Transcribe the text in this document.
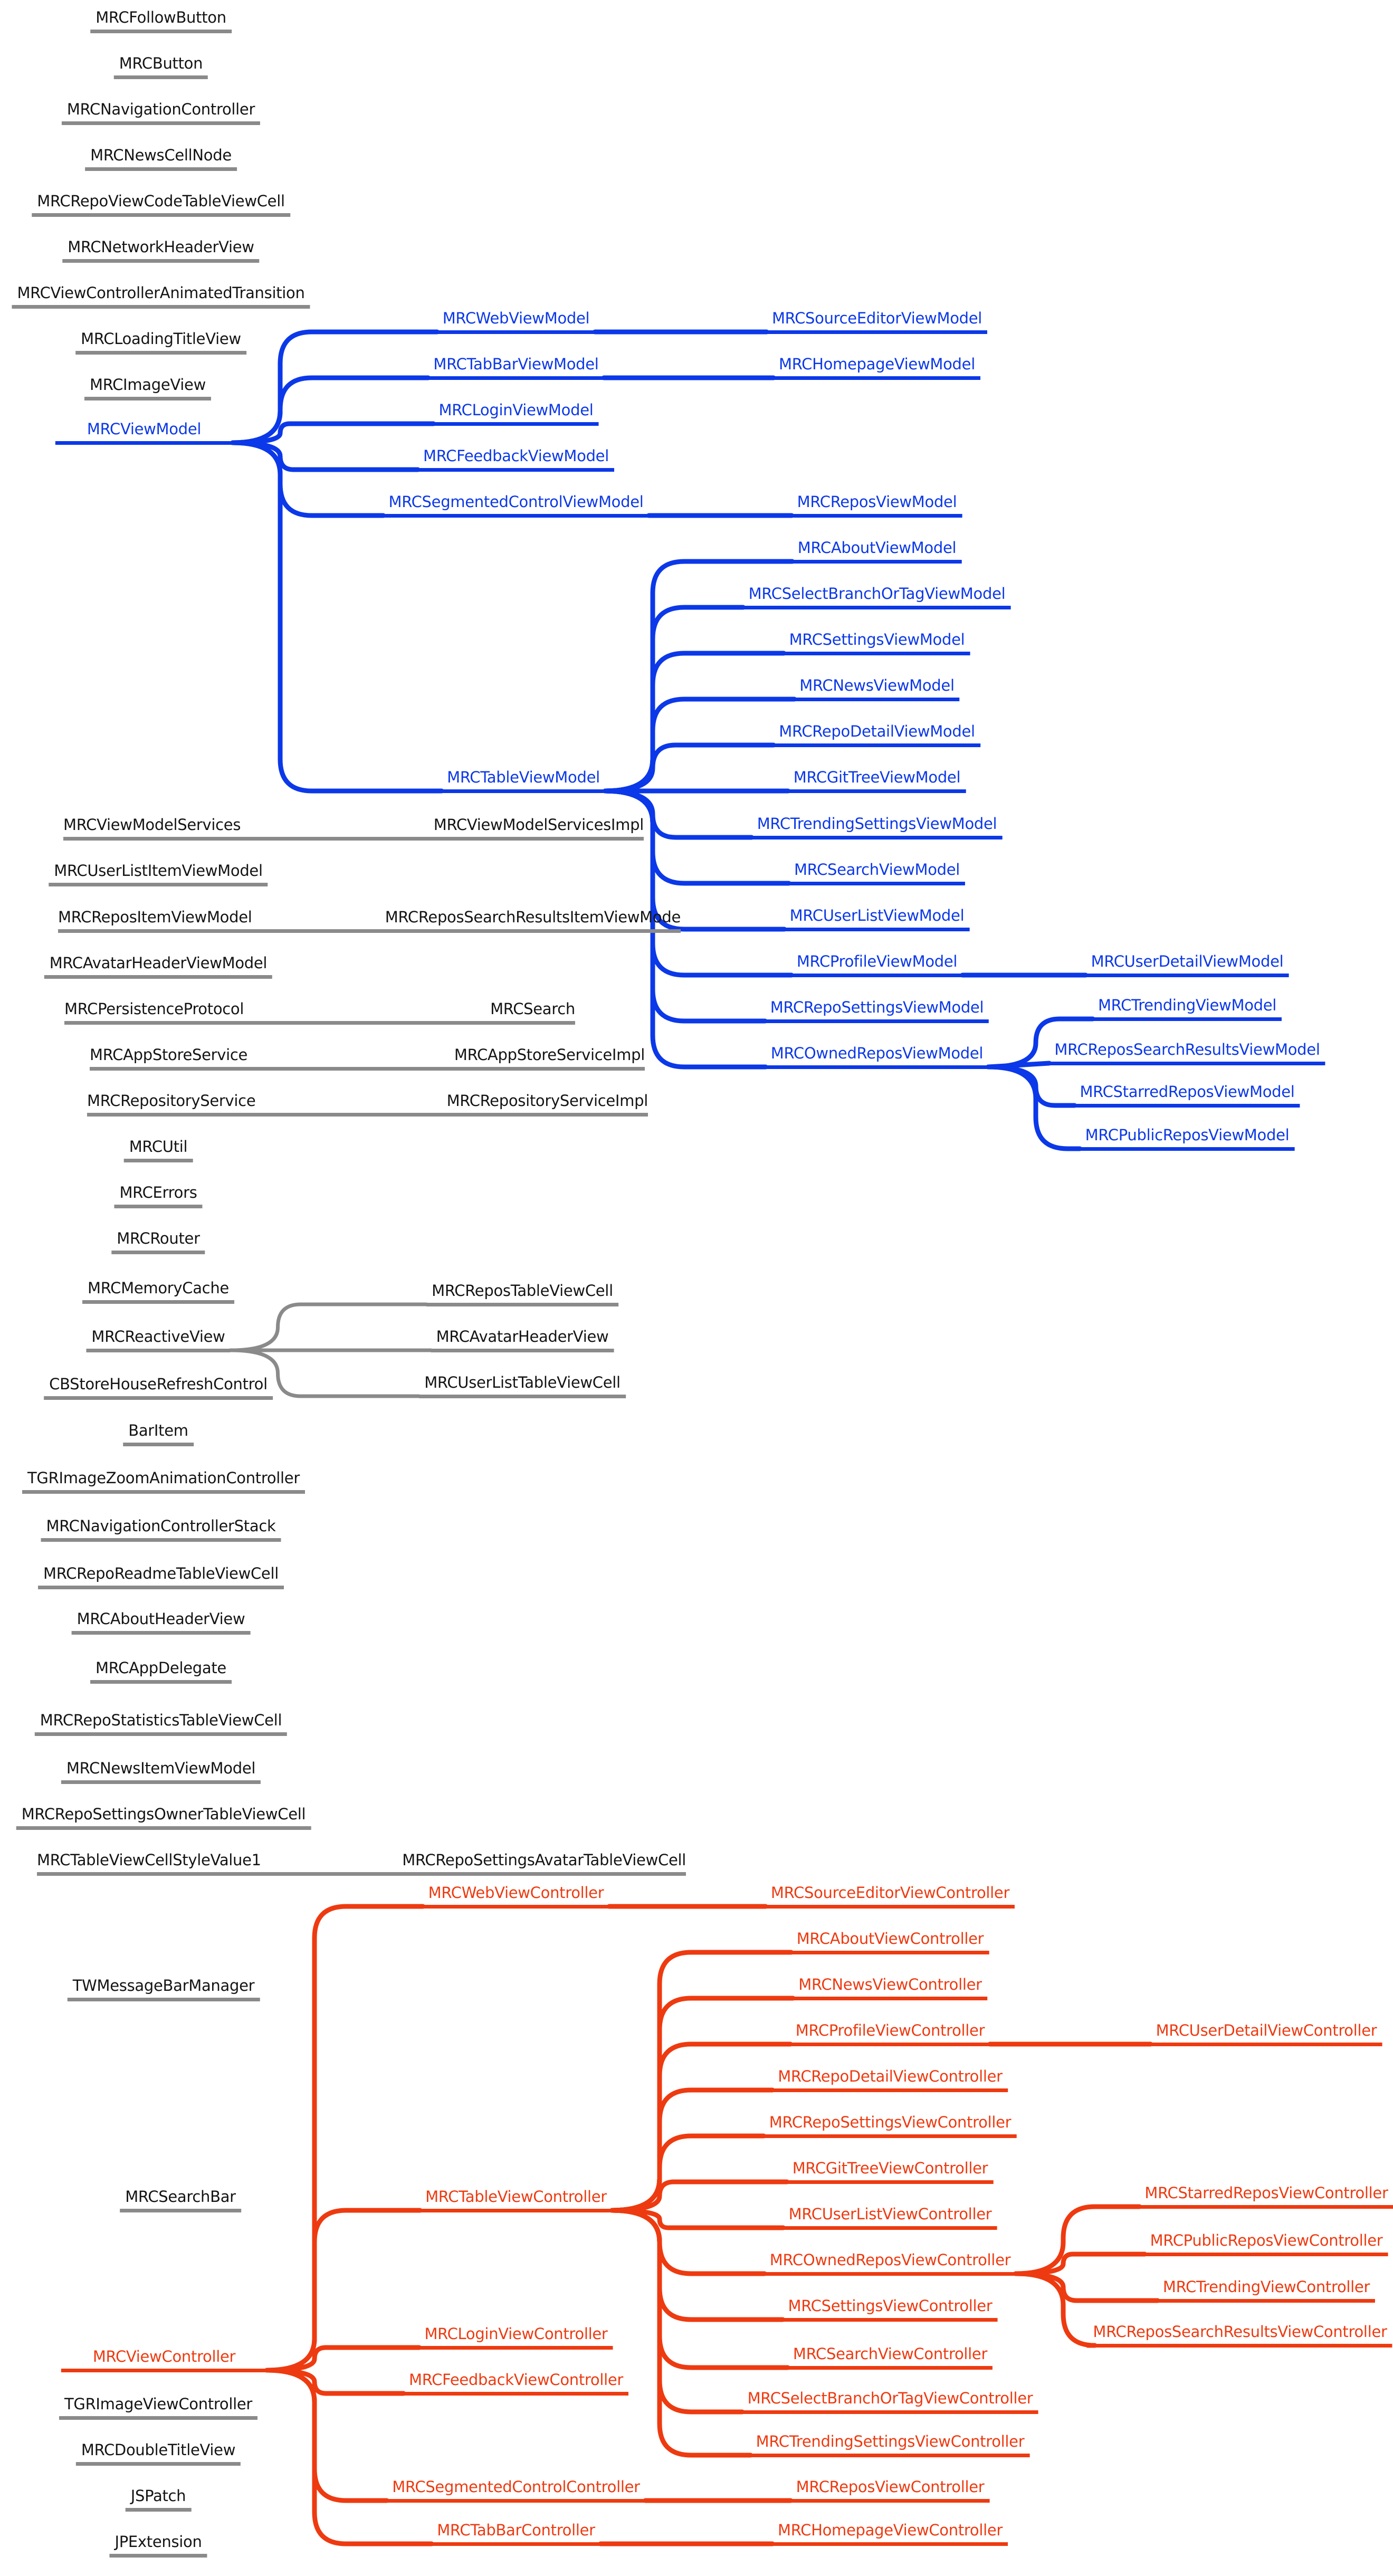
MRCFollowButton
MRCButton
MRCNavigationController
MRCNewsCellNode
MRCRepoViewCodeTableViewCell
MRCNetworkHeaderView
MRCViewControllerAnimatedTransition
MRCLoadingTitleView
MRCImageView
MRCUserListItemViewModel
MRCAvatarHeaderViewModel
MRCUtil
MRCErrors
MRCRouter
MRCMemoryCache
MRCReactiveView
CBStoreHouseRefreshControl
BarItem
TGRImageZoomAnimationController
MRCNavigationControllerStack
MRCRepoReadmeTableViewCell
MRCAboutHeaderView
MRCAppDelegate
MRCRepoStatisticsTableViewCell
MRCNewsItemViewModel
MRCRepoSettingsOwnerTableViewCell
TWMessageBarManager
MRCSearchBar
TGRImageViewController
MRCDoubleTitleView
JSPatch
JPExtension
MRCReposTableViewCell
MRCAvatarHeaderView
MRCUserListTableViewCell
MRCViewModel
MRCWebViewModel
MRCTabBarViewModel
MRCLoginViewModel
MRCFeedbackViewModel
MRCSegmentedControlViewModel
MRCTableViewModel
MRCSourceEditorViewModel
MRCHomepageViewModel
MRCReposViewModel
MRCAboutViewModel
MRCSelectBranchOrTagViewModel
MRCSettingsViewModel
MRCNewsViewModel
MRCRepoDetailViewModel
MRCGitTreeViewModel
MRCTrendingSettingsViewModel
MRCSearchViewModel
MRCUserListViewModel
MRCProfileViewModel
MRCRepoSettingsViewModel
MRCOwnedReposViewModel
MRCUserDetailViewModel
MRCTrendingViewModel
MRCReposSearchResultsViewModel
MRCStarredReposViewModel
MRCPublicReposViewModel
MRCViewController
MRCWebViewController
MRCTableViewController
MRCLoginViewController
MRCFeedbackViewController
MRCSegmentedControlController
MRCTabBarController
MRCSourceEditorViewController
MRCAboutViewController
MRCNewsViewController
MRCProfileViewController
MRCRepoDetailViewController
MRCRepoSettingsViewController
MRCGitTreeViewController
MRCUserListViewController
MRCOwnedReposViewController
MRCSettingsViewController
MRCSearchViewController
MRCSelectBranchOrTagViewController
MRCTrendingSettingsViewController
MRCReposViewController
MRCHomepageViewController
MRCUserDetailViewController
MRCStarredReposViewController
MRCPublicReposViewController
MRCTrendingViewController
MRCReposSearchResultsViewController
MRCViewModelServices	MRCViewModelServicesImpl
MRCReposItemViewModel	MRCReposSearchResultsItemViewMode
MRCPersistenceProtocol	MRCSearch
MRCAppStoreService	MRCAppStoreServiceImpl
MRCRepositoryService	MRCRepositoryServiceImpl
MRCTableViewCellStyleValue1	MRCRepoSettingsAvatarTableViewCell
